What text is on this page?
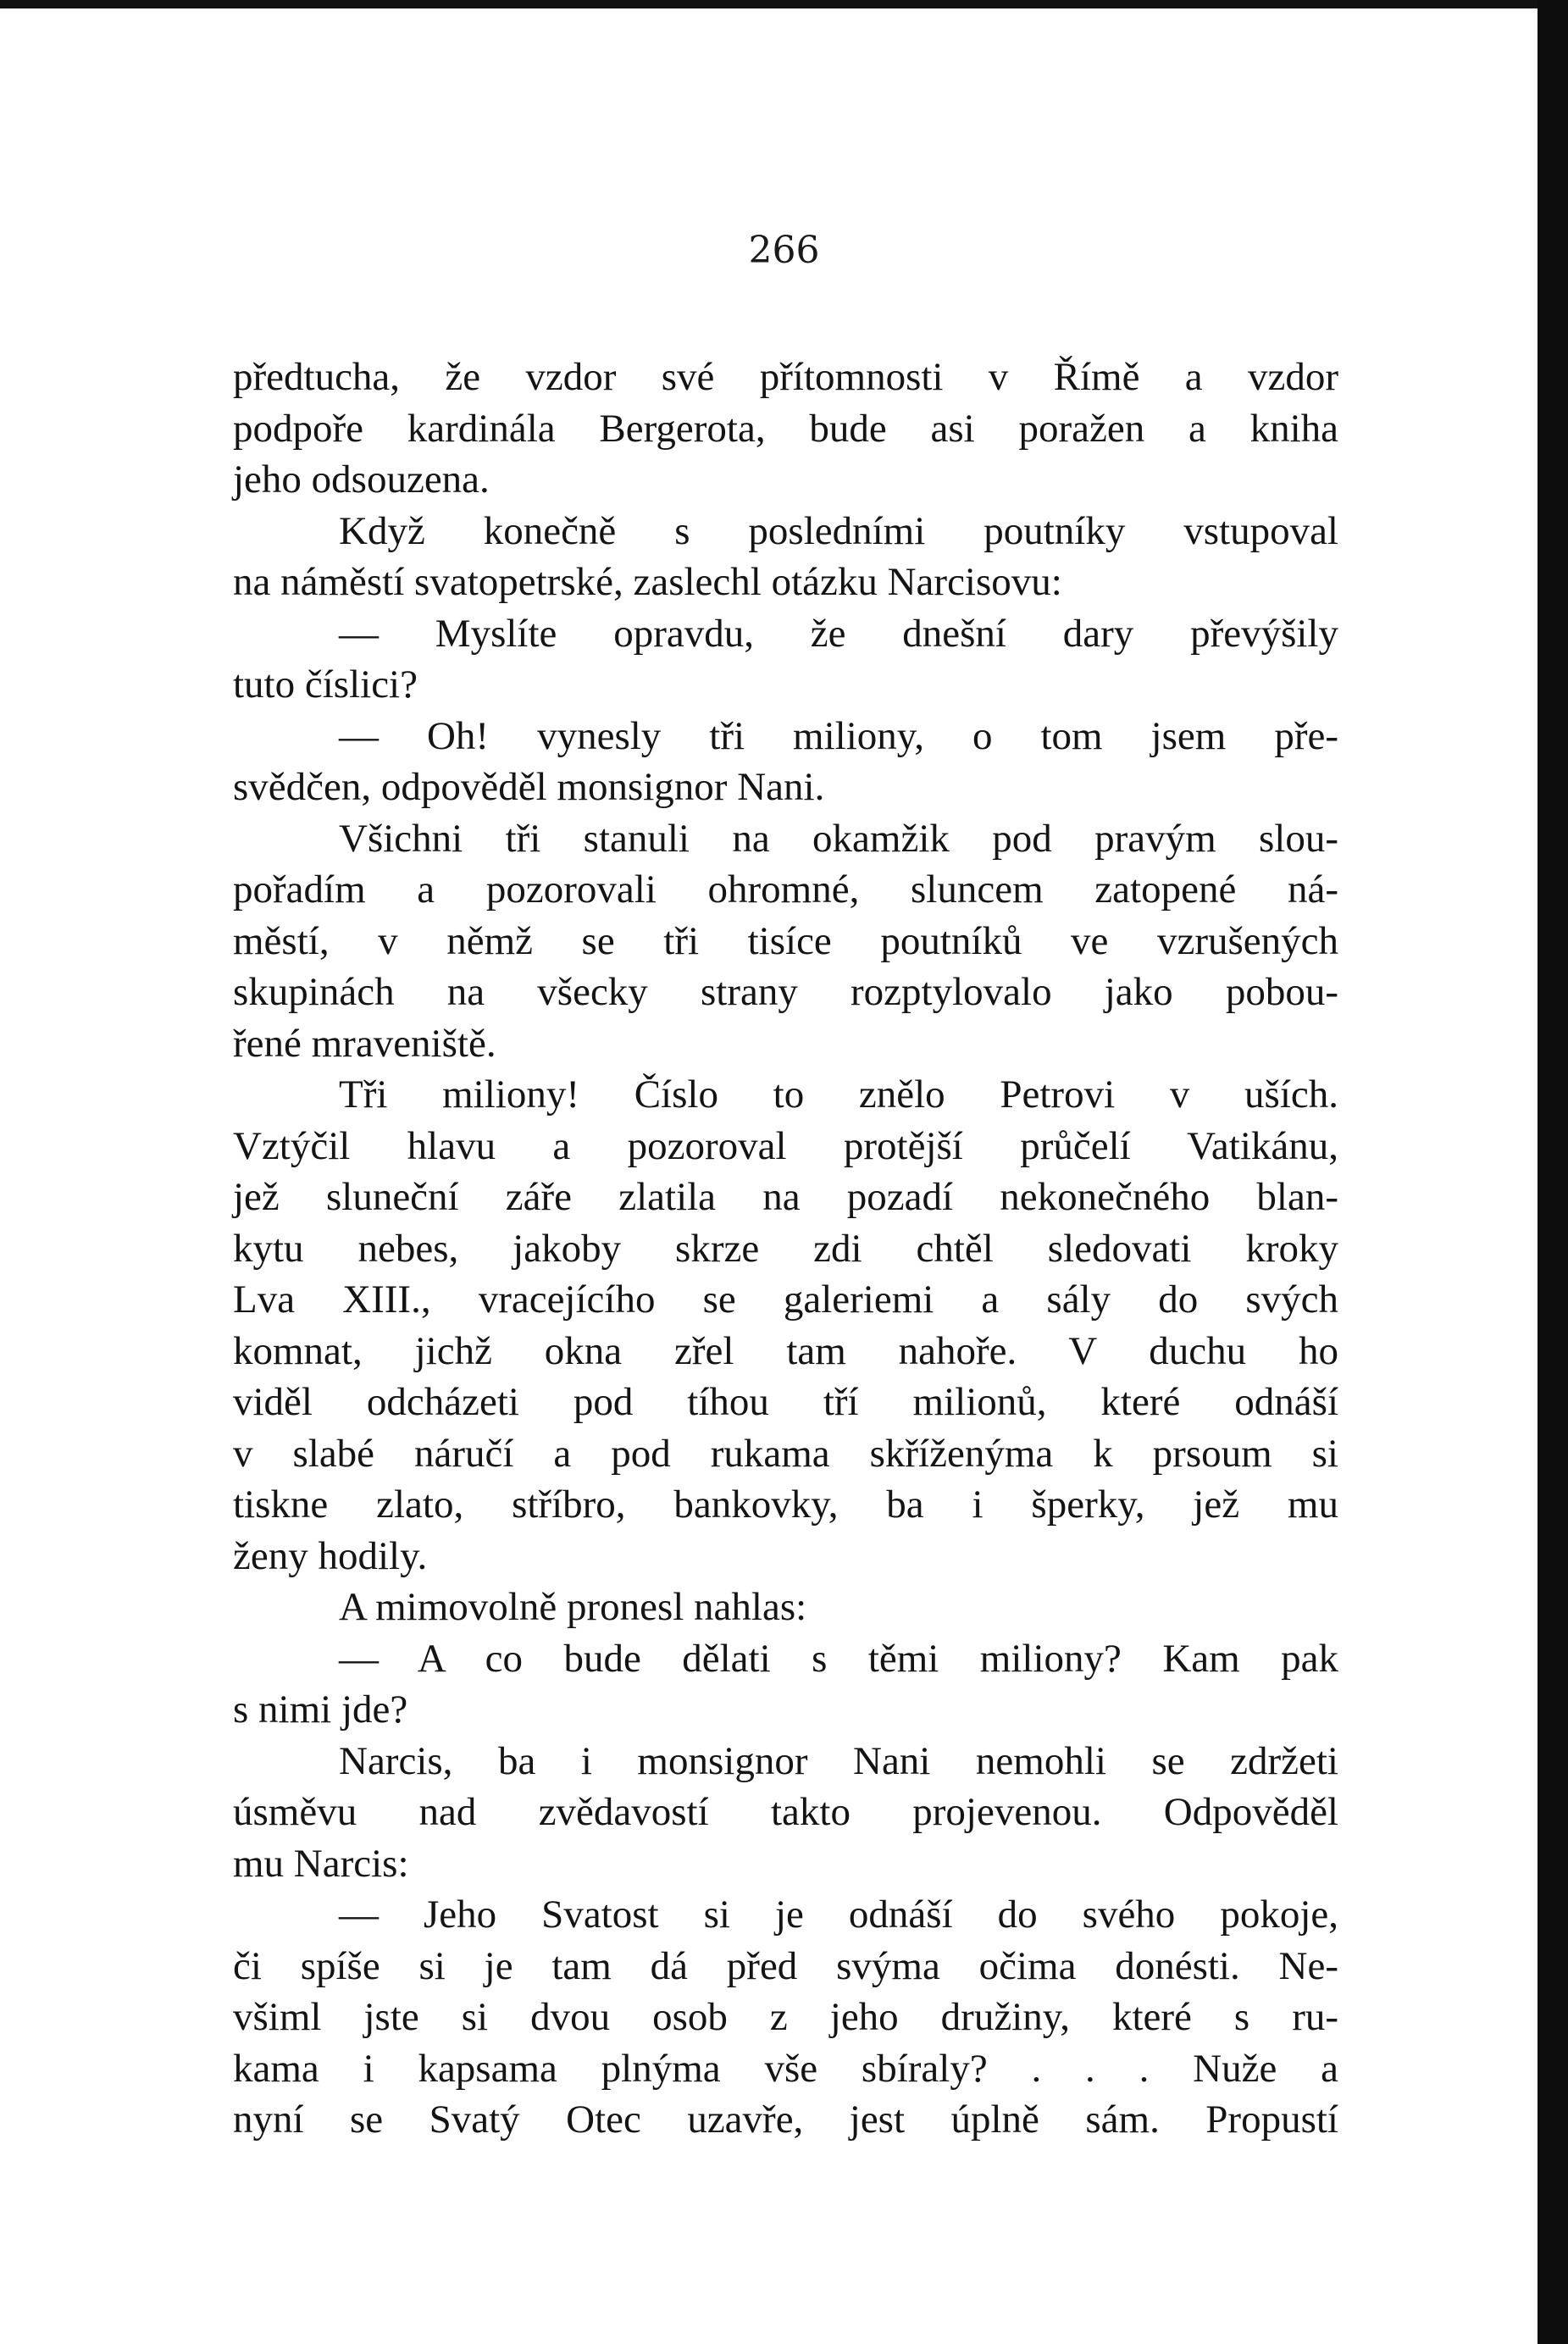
266
předtucha, že vzdor své přítomnosti v Římě a vzdor
podpoře kardinála Bergerota, bude asi poražen a kniha
jeho odsouzena.
Když konečně s posledními poutníky vstupoval
na náměstí svatopetrské, zaslechl otázku Narcisovu:
— Myslíte opravdu, že dnešní dary převýšily
tuto číslici?
— Oh! vynesly tři miliony, o tom jsem pře-
svědčen, odpověděl monsignor Nani.
Všichni tři stanuli na okamžik pod pravým slou-
pořadím a pozorovali ohromné, sluncem zatopené ná-
městí, v němž se tři tisíce poutníků ve vzrušených
skupinách na všecky strany rozptylovalo jako pobou-
řené mraveniště.
Tři miliony! Číslo to znělo Petrovi v uších.
Vztýčil hlavu a pozoroval protější průčelí Vatikánu,
jež sluneční záře zlatila na pozadí nekonečného blan-
kytu nebes, jakoby skrze zdi chtěl sledovati kroky
Lva XIII., vracejícího se galeriemi a sály do svých
komnat, jichž okna zřel tam nahoře. V duchu ho
viděl odcházeti pod tíhou tří milionů, které odnáší
v slabé náručí a pod rukama skříženýma k prsoum si
tiskne zlato, stříbro, bankovky, ba i šperky, jež mu
ženy hodily.
A mimovolně pronesl nahlas:
— A co bude dělati s těmi miliony? Kam pak
s nimi jde?
Narcis, ba i monsignor Nani nemohli se zdržeti
úsměvu nad zvědavostí takto projevenou. Odpověděl
mu Narcis:
— Jeho Svatost si je odnáší do svého pokoje,
či spíše si je tam dá před svýma očima donésti. Ne-
všiml jste si dvou osob z jeho družiny, které s ru-
kama i kapsama plnýma vše sbíraly? . . . Nuže a
nyní se Svatý Otec uzavře, jest úplně sám. Propustí
